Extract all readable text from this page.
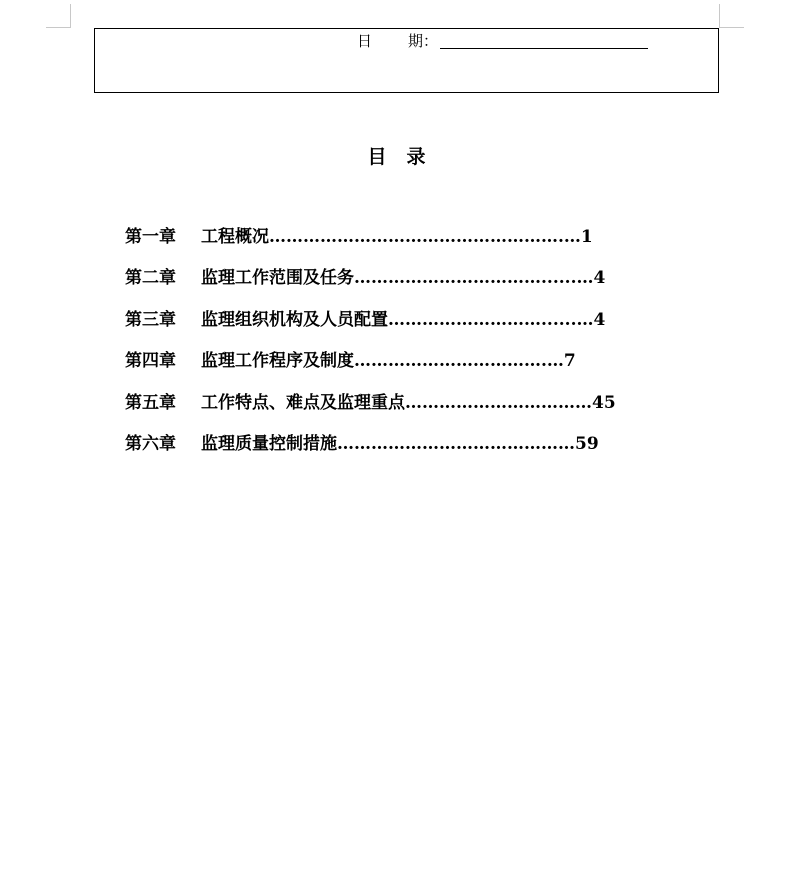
日 期：
目 录
第一章	工程概况 …………………………………………….… 1
第二章	监理工作范围及任务 ……………………………......… 4
第三章	监理组织机构及人员配置 ………………………......… 4
第四章	监理工作程序及制度 …………………………….… 7
第五章	工作特点、难点及监理重点 …………………………… 45
第六章	监理质量控制措施 …………………………………… 59
